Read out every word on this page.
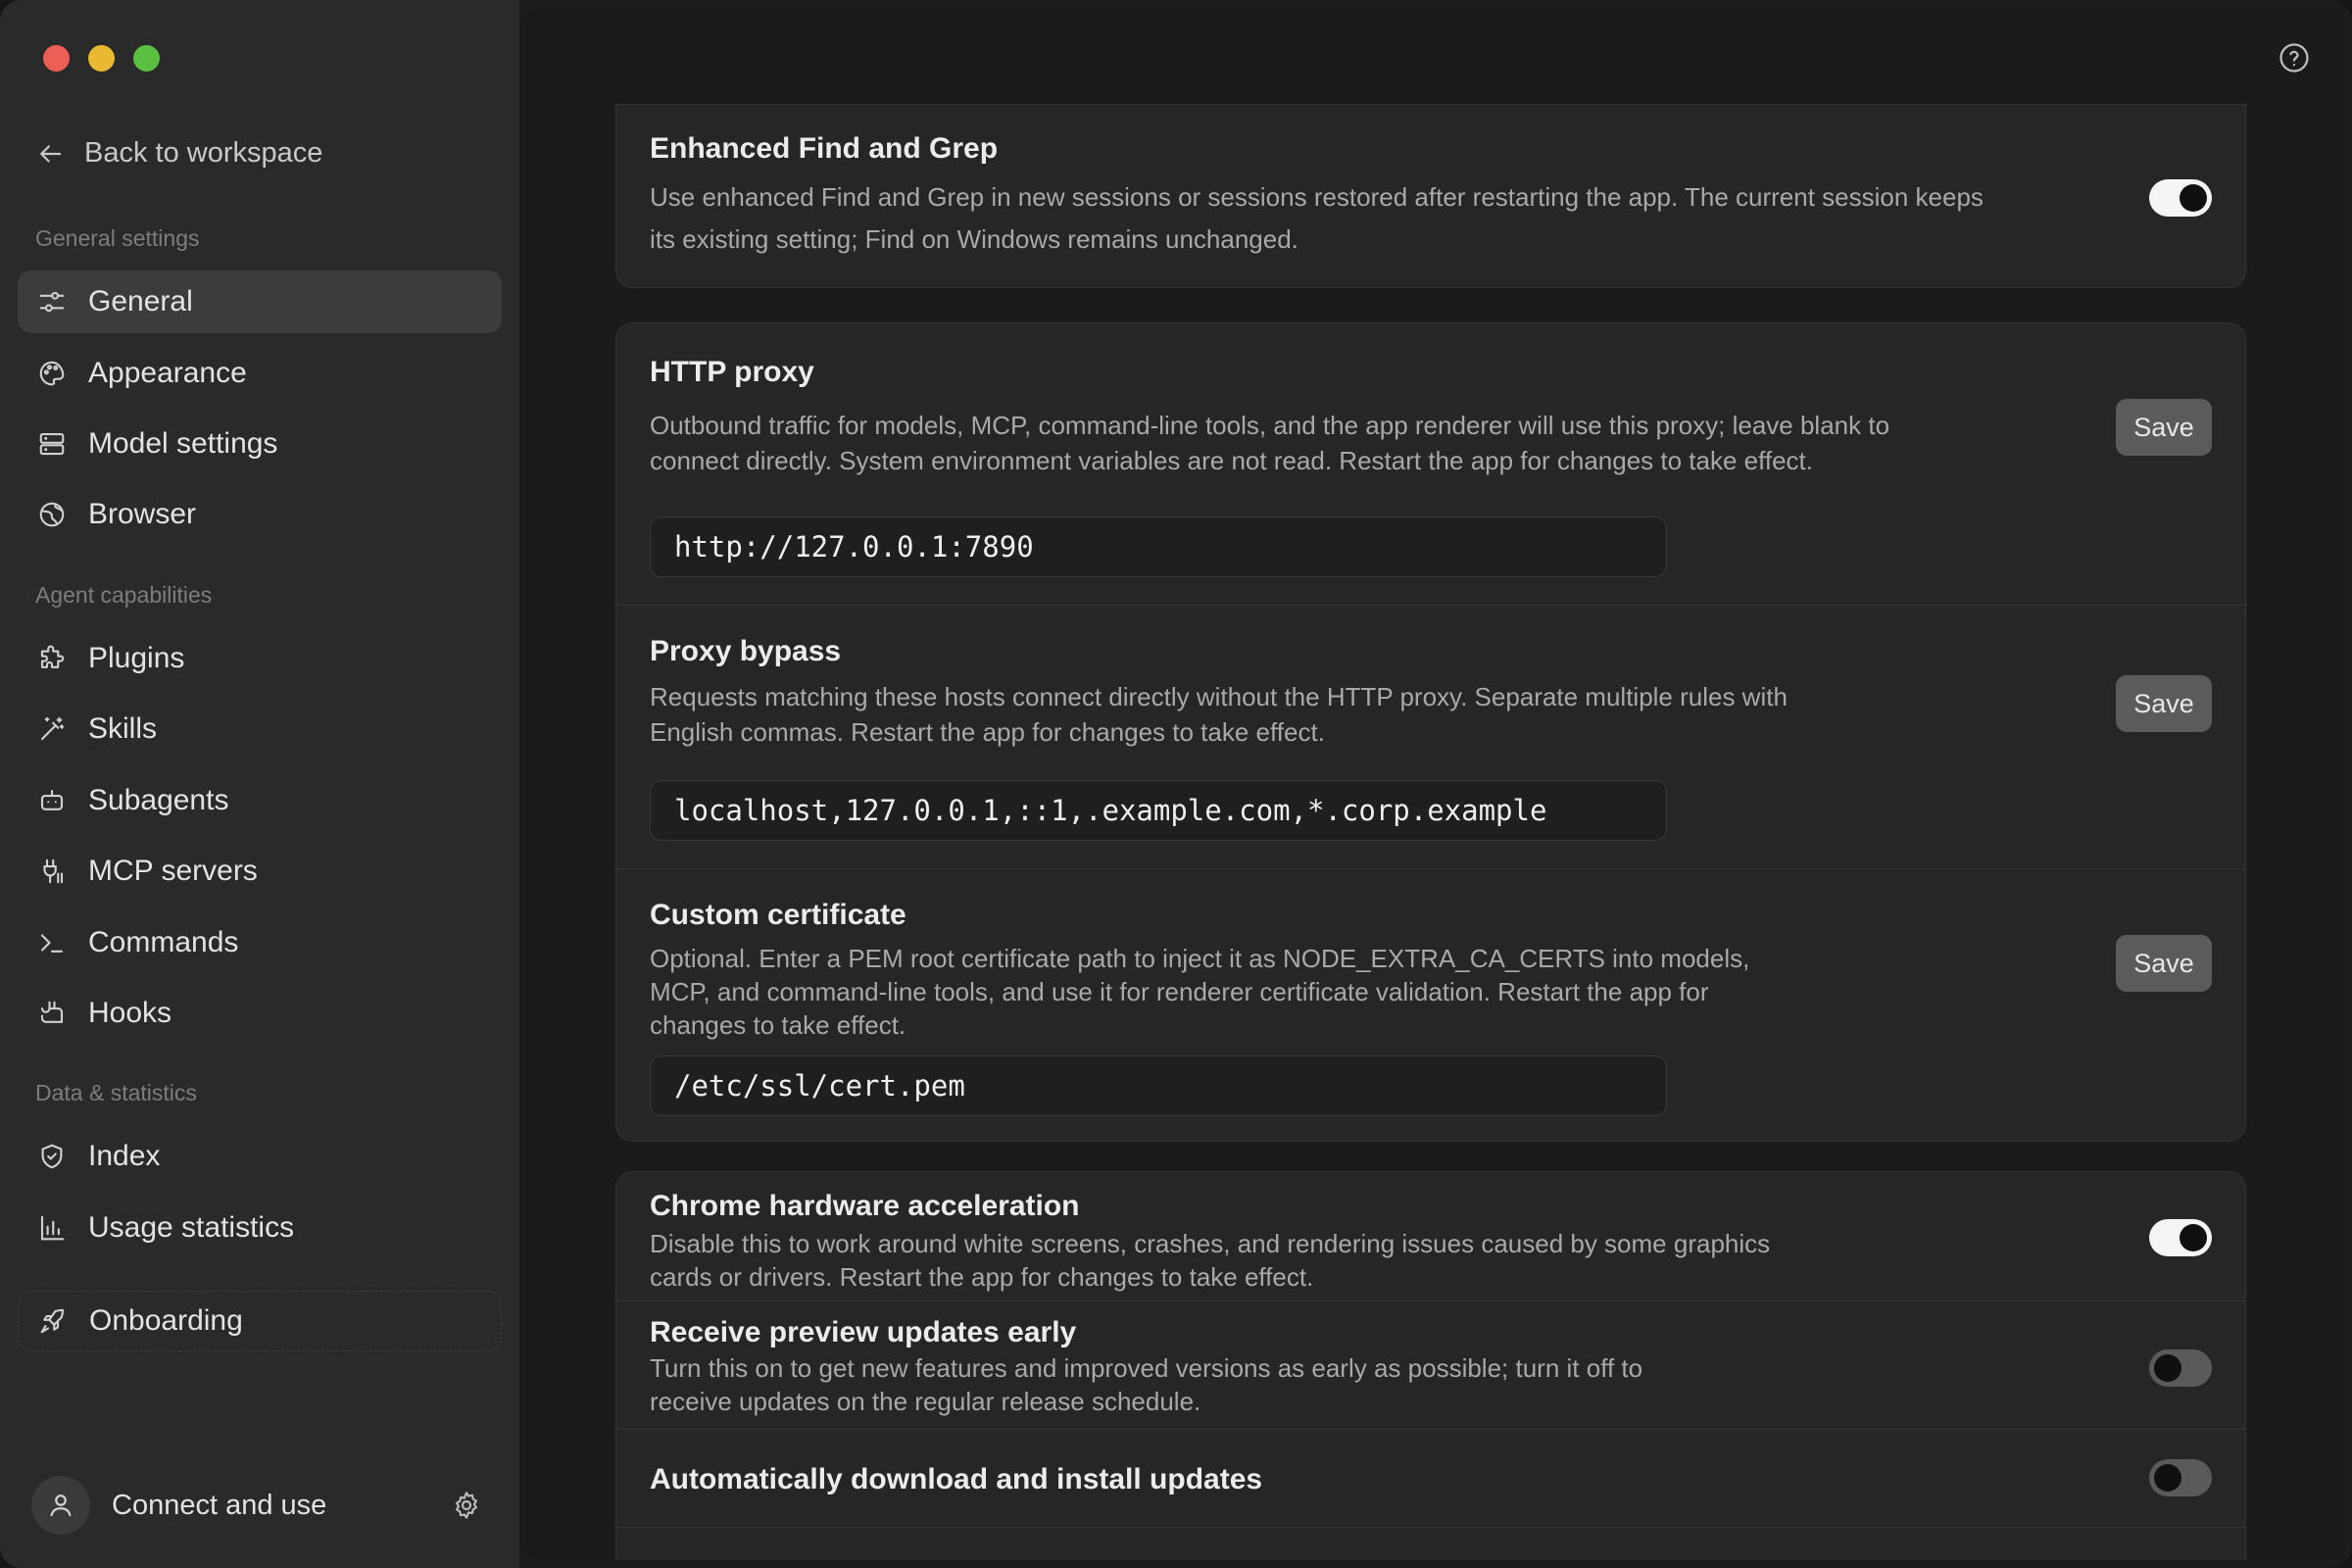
Back to workspace
General settings
General
Appearance
Model settings
Browser
Agent capabilities
Plugins
Skills
Subagents
MCP servers
Commands
Hooks
Data & statistics
Index
Usage statistics
Onboarding
Connect and use
Enhanced Find and Grep
Use enhanced Find and Grep in new sessions or sessions restored after restarting the app. The current session keeps
its existing setting; Find on Windows remains unchanged.
HTTP proxy
Outbound traffic for models, MCP, command-line tools, and the app renderer will use this proxy; leave blank to
connect directly. System environment variables are not read. Restart the app for changes to take effect.
Save
http://127.0.0.1:7890
Proxy bypass
Requests matching these hosts connect directly without the HTTP proxy. Separate multiple rules with
English commas. Restart the app for changes to take effect.
Save
localhost,127.0.0.1,::1,.example.com,*.corp.example
Custom certificate
Optional. Enter a PEM root certificate path to inject it as NODE_EXTRA_CA_CERTS into models,
MCP, and command-line tools, and use it for renderer certificate validation. Restart the app for
changes to take effect.
Save
/etc/ssl/cert.pem
Chrome hardware acceleration
Disable this to work around white screens, crashes, and rendering issues caused by some graphics
cards or drivers. Restart the app for changes to take effect.
Receive preview updates early
Turn this on to get new features and improved versions as early as possible; turn it off to
receive updates on the regular release schedule.
Automatically download and install updates
